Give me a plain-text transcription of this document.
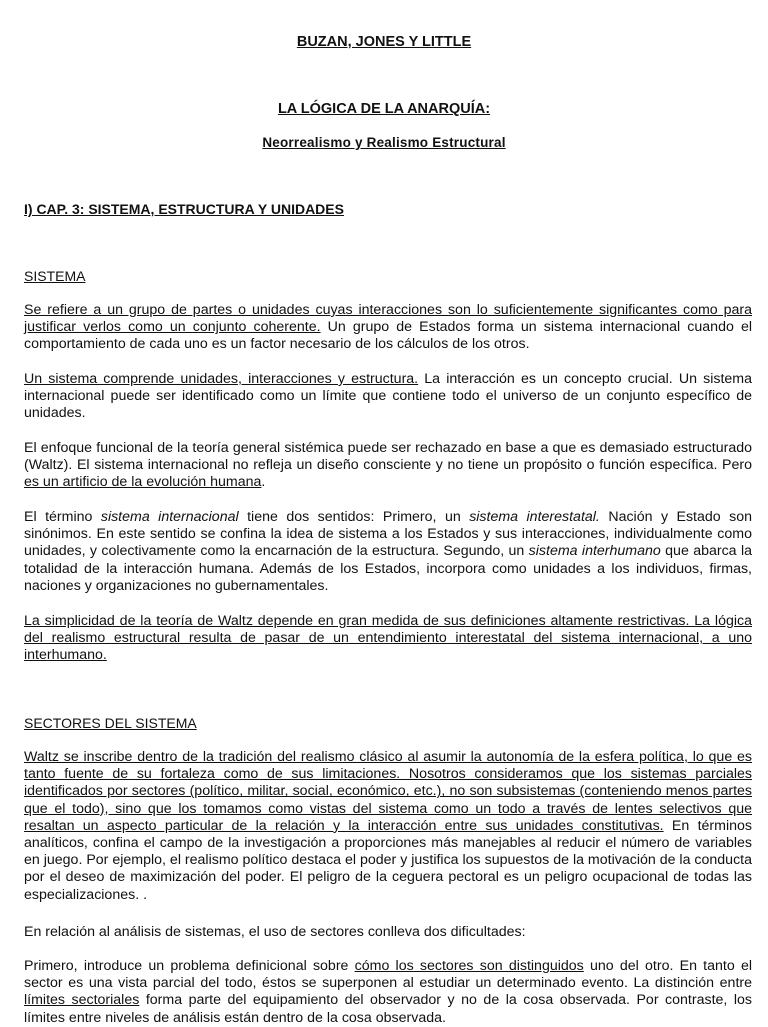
BUZAN, JONES Y LITTLE
LA LÓGICA DE LA ANARQUÍA:
Neorrealismo y Realismo Estructural
I) CAP. 3: SISTEMA, ESTRUCTURA Y UNIDADES
SISTEMA

Se refiere a un grupo de partes o unidades cuyas interacciones son lo suficientemente significantes como para justificar verlos como un conjunto coherente. Un grupo de Estados forma un sistema internacional cuando el comportamiento de cada uno es un factor necesario de los cálculos de los otros.

Un sistema comprende unidades, interacciones y estructura. La interacción es un concepto crucial. Un sistema internacional puede ser identificado como un límite que contiene todo el universo de un conjunto específico de unidades.

El enfoque funcional de la teoría general sistémica puede ser rechazado en base a que es demasiado estructurado (Waltz). El sistema internacional no refleja un diseño consciente y no tiene un propósito o función específica. Pero es un artificio de la evolución humana.

El término sistema internacional tiene dos sentidos: Primero, un sistema interestatal. Nación y Estado son sinónimos. En este sentido se confina la idea de sistema a los Estados y sus interacciones, individualmente como unidades, y colectivamente como la encarnación de la estructura. Segundo, un sistema interhumano que abarca la totalidad de la interacción humana. Además de los Estados, incorpora como unidades a los individuos, firmas, naciones y organizaciones no gubernamentales.

La simplicidad de la teoría de Waltz depende en gran medida de sus definiciones altamente restrictivas. La lógica del realismo estructural resulta de pasar de un entendimiento interestatal del sistema internacional, a uno interhumano.

SECTORES DEL SISTEMA

Waltz se inscribe dentro de la tradición del realismo clásico al asumir la autonomía de la esfera política, lo que es tanto fuente de su fortaleza como de sus limitaciones. Nosotros consideramos que los sistemas parciales identificados por sectores (político, militar, social, económico, etc.), no son subsistemas (conteniendo menos partes que el todo), sino que los tomamos como vistas del sistema como un todo a través de lentes selectivos que resaltan un aspecto particular de la relación y la interacción entre sus unidades constitutivas. En términos analíticos, confina el campo de la investigación a proporciones más manejables al reducir el número de variables en juego. Por ejemplo, el realismo político destaca el poder y justifica los supuestos de la motivación de la conducta por el deseo de maximización del poder. El peligro de la ceguera pectoral es un peligro ocupacional de todas las especializaciones. .

En relación al análisis de sistemas, el uso de sectores conlleva dos dificultades:

Primero, introduce un problema definicional sobre cómo los sectores son distinguidos uno del otro. En tanto el sector es una vista parcial del todo, éstos se superponen al estudiar un determinado evento. La distinción entre límites sectoriales forma parte del equipamiento del observador y no de la cosa observada. Por contraste, los límites entre niveles de análisis están dentro de la cosa observada.
